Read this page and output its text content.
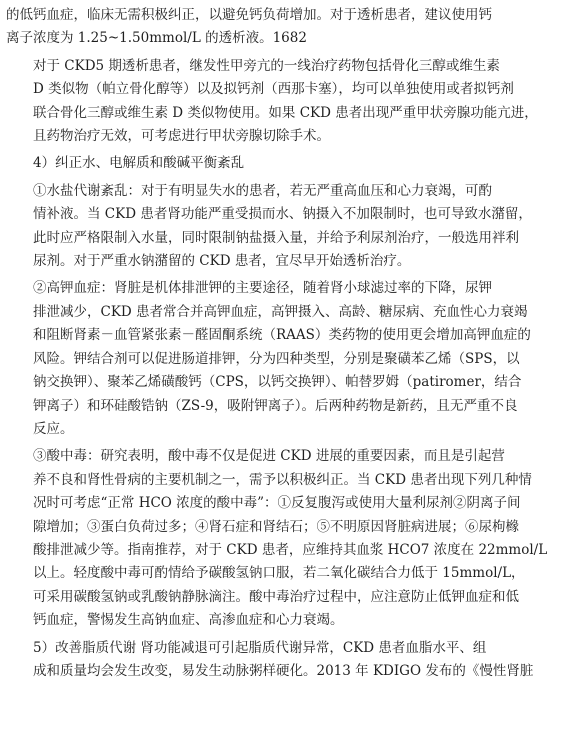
的低钙血症，临床无需积极纠正，以避免钙负荷增加。对于透析患者，建议使用钙
离子浓度为 1.25~1.50mmol/L 的透析液。1682
对于 CKD5 期透析患者，继发性甲旁亢的一线治疗药物包括骨化三醇或维生素
D 类似物（帕立骨化醇等）以及拟钙剂（西那卡塞），均可以单独使用或者拟钙剂
联合骨化三醇或维生素 D 类似物使用。如果 CKD 患者出现严重甲状旁腺功能亢进，
且药物治疗无效，可考虑进行甲状旁腺切除手术。
4）纠正水、电解质和酸碱平衡紊乱
①水盐代谢紊乱：对于有明显失水的患者，若无严重高血压和心力衰竭，可酌
情补液。当 CKD 患者肾功能严重受损而水、钠摄入不加限制时，也可导致水潴留，
此时应严格限制入水量，同时限制钠盐摄入量，并给予利尿剂治疗，一般选用袢利
尿剂。对于严重水钠潴留的 CKD 患者，宜尽早开始透析治疗。
②高钾血症：肾脏是机体排泄钾的主要途径，随着肾小球滤过率的下降，尿钾
排泄减少，CKD 患者常合并高钾血症，高钾摄入、高龄、糖尿病、充血性心力衰竭
和阻断肾素－血管紧张素－醛固酮系统（RAAS）类药物的使用更会增加高钾血症的
风险。钾结合剂可以促进肠道排钾，分为四种类型，分别是聚磺苯乙烯（SPS，以
钠交换钾）、聚苯乙烯磺酸钙（CPS，以钙交换钾）、帕替罗姆（patiromer，结合
钾离子）和环硅酸锆钠（ZS-9，吸附钾离子）。后两种药物是新药，且无严重不良
反应。
③酸中毒：研究表明，酸中毒不仅是促进 CKD 进展的重要因素，而且是引起营
养不良和肾性骨病的主要机制之一，需予以积极纠正。当 CKD 患者出现下列几种情
况时可考虑“正常 HCO 浓度的酸中毒”：①反复腹泻或使用大量利尿剂②阴离子间
隙增加；③蛋白负荷过多；④肾石症和肾结石；⑤不明原因肾脏病进展；⑥尿枸橼
酸排泄减少等。指南推荐，对于 CKD 患者，应维持其血浆 HCO7 浓度在 22mmol/L
以上。轻度酸中毒可酌情给予碳酸氢钠口服，若二氧化碳结合力低于 15mmol/L，
可采用碳酸氢钠或乳酸钠静脉滴注。酸中毒治疗过程中，应注意防止低钾血症和低
钙血症，警惕发生高钠血症、高渗血症和心力衰竭。
5）改善脂质代谢 肾功能减退可引起脂质代谢异常，CKD 患者血脂水平、组
成和质量均会发生改变，易发生动脉粥样硬化。2013 年 KDIGO 发布的《慢性肾脏
